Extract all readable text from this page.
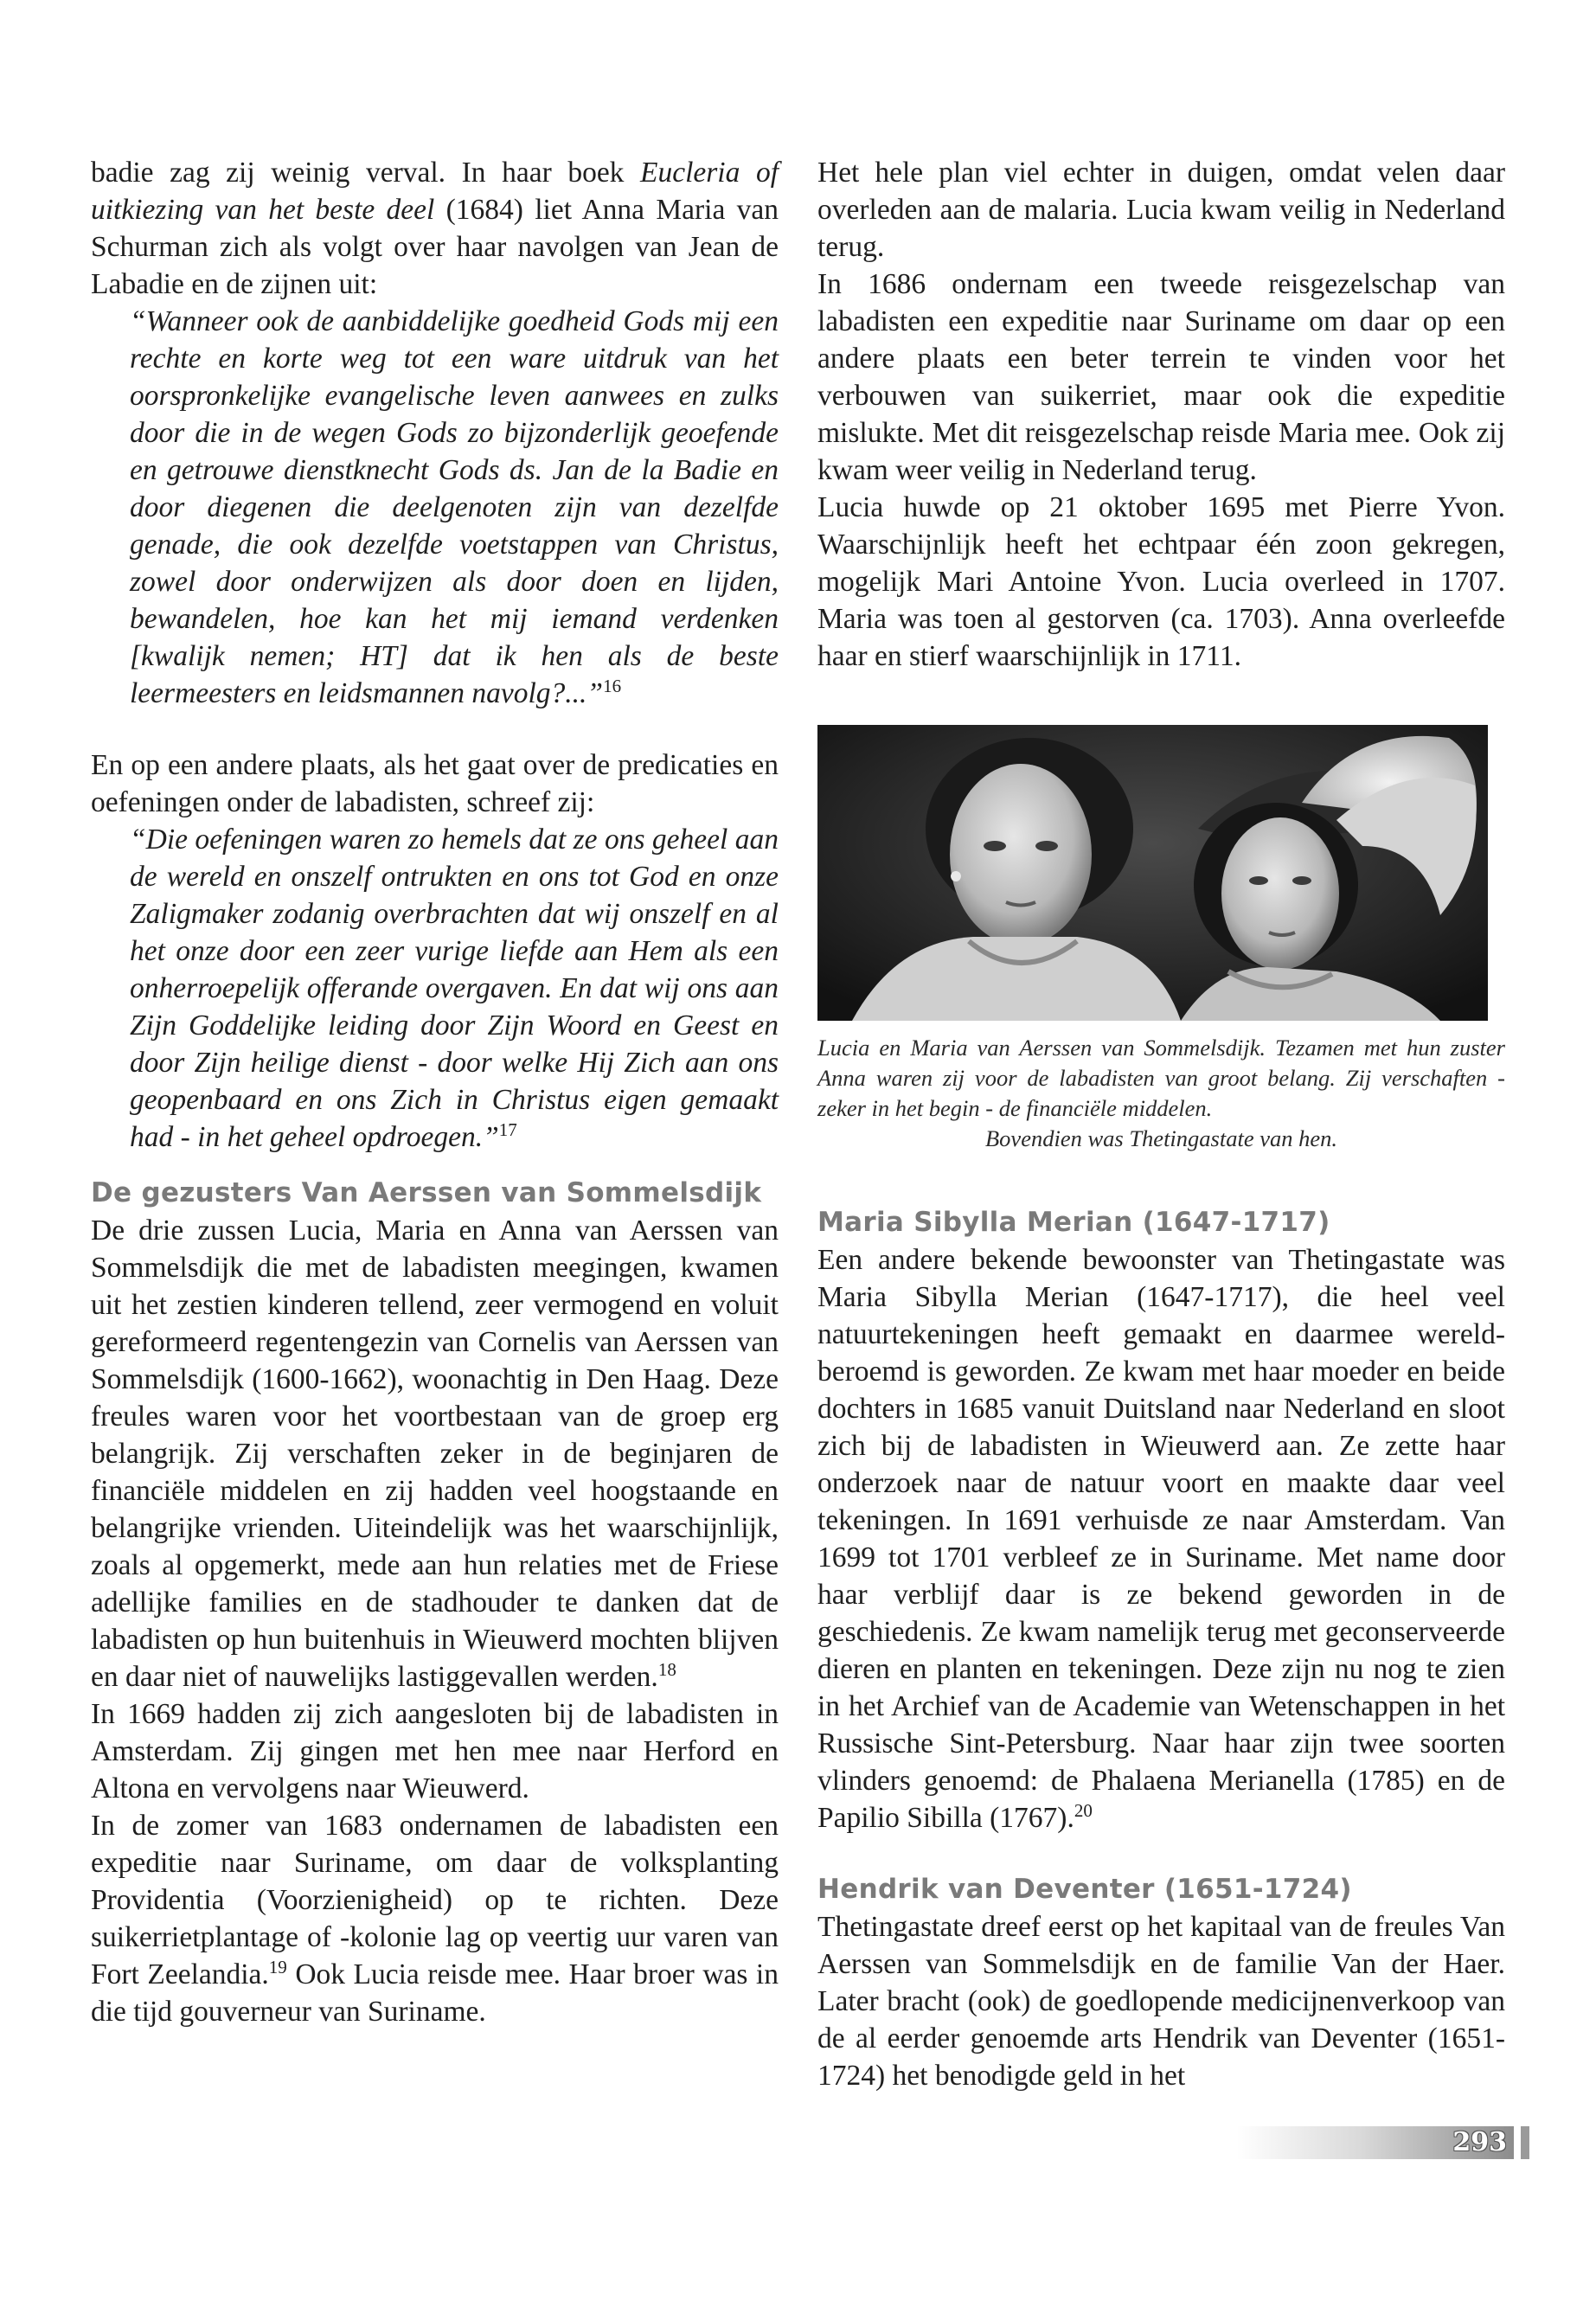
badie zag zij weinig verval. In haar boek Eucleria of uitkiezing van het beste deel (1684) liet Anna Maria van Schurman zich als volgt over haar navolgen van Jean de Labadie en de zijnen uit:

“Wanneer ook de aanbiddelijke goedheid Gods mij een rechte en korte weg tot een ware uitdruk van het oorspronkelijke evangelische leven aanwees en zulks door die in de wegen Gods zo bijzonderlijk geoefende en getrouwe dienstknecht Gods ds. Jan de la Badie en door diegenen die deelgenoten zijn van dezelfde genade, die ook dezelfde voetstappen van Christus, zowel door onderwijzen als door doen en lijden, bewandelen, hoe kan het mij iemand verdenken [kwalijk nemen; HT] dat ik hen als de beste leermeesters en leidsmannen navolg?...”$^{16}$

En op een andere plaats, als het gaat over de predicaties en oefeningen onder de labadisten, schreef zij:

“Die oefeningen waren zo hemels dat ze ons geheel aan de wereld en onszelf ontrukten en ons tot God en onze Zaligmaker zodanig overbrachten dat wij onszelf en al het onze door een zeer vurige liefde aan Hem als een onherroepelijk offerande overgaven. En dat wij ons aan Zijn Goddelijke leiding door Zijn Woord en Geest en door Zijn heilige dienst - door welke Hij Zich aan ons geopenbaard en ons Zich in Christus eigen gemaakt had - in het geheel opdroegen.”$^{17}$

De gezusters Van Aerssen van Sommelsdijk

De drie zussen Lucia, Maria en Anna van Aerssen van Sommelsdijk die met de labadisten meegingen, kwamen uit het zestien kinderen tellend, zeer vermogend en voluit gereformeerd regentengezin van Cornelis van Aerssen van Sommelsdijk (1600-1662), woonachtig in Den Haag. Deze freules waren voor het voortbestaan van de groep erg belangrijk. Zij verschaften zeker in de beginjaren de financiële middelen en zij hadden veel hoogstaande en belangrijke vrienden. Uiteindelijk was het waarschijnlijk, zoals al opgemerkt, mede aan hun relaties met de Friese adellijke families en de stadhouder te danken dat de labadisten op hun buitenhuis in Wieuwerd mochten blijven en daar niet of nauwelijks lastiggevallen werden.$^{18}$

In 1669 hadden zij zich aangesloten bij de labadisten in Amsterdam. Zij gingen met hen mee naar Herford en Altona en vervolgens naar Wieuwerd.

In de zomer van 1683 ondernamen de labadisten een expeditie naar Suriname, om daar de volksplanting Providentia (Voorzienigheid) op te richten. Deze suikerrietplantage of -kolonie lag op veertig uur varen van Fort Zeelandia.$^{19}$ Ook Lucia reisde mee. Haar broer was in die tijd gouverneur van Suriname.

Het hele plan viel echter in duigen, omdat velen daar overleden aan de malaria. Lucia kwam veilig in Nederland terug.

In 1686 ondernam een tweede reisgezelschap van labadisten een expeditie naar Suriname om daar op een andere plaats een beter terrein te vinden voor het verbouwen van suikerriet, maar ook die expeditie mislukte. Met dit reisgezelschap reisde Maria mee. Ook zij kwam weer veilig in Nederland terug.

Lucia huwde op 21 oktober 1695 met Pierre Yvon. Waarschijnlijk heeft het echtpaar één zoon gekregen, mogelijk Mari Antoine Yvon. Lucia overleed in 1707. Maria was toen al gestorven (ca. 1703). Anna overleefde haar en stierf waarschijnlijk in 1711.

Lucia en Maria van Aerssen van Sommelsdijk. Tezamen met hun zuster Anna waren zij voor de labadisten van groot belang. Zij verschaften - zeker in het begin - de financiële middelen.
Bovendien was Thetingastate van hen.

Maria Sibylla Merian (1647-1717)

Een andere bekende bewoonster van Thetingastate was Maria Sibylla Merian (1647-1717), die heel veel natuurtekeningen heeft gemaakt en daarmee wereldberoemd is geworden. Ze kwam met haar moeder en beide dochters in 1685 vanuit Duitsland naar Nederland en sloot zich bij de labadisten in Wieuwerd aan. Ze zette haar onderzoek naar de natuur voort en maakte daar veel tekeningen. In 1691 verhuisde ze naar Amsterdam. Van 1699 tot 1701 verbleef ze in Suriname. Met name door haar verblijf daar is ze bekend geworden in de geschiedenis. Ze kwam namelijk terug met geconserveerde dieren en planten en tekeningen. Deze zijn nu nog te zien in het Archief van de Academie van Wetenschappen in het Russische Sint-Petersburg. Naar haar zijn twee soorten vlinders genoemd: de Phalaena Merianella (1785) en de Papilio Sibilla (1767).$^{20}$

Hendrik van Deventer (1651-1724)

Thetingastate dreef eerst op het kapitaal van de freules Van Aerssen van Sommelsdijk en de familie Van der Haer. Later bracht (ook) de goedlopende medicijnenverkoop van de al eerder genoemde arts Hendrik van Deventer (1651-1724) het benodigde geld in het

293
